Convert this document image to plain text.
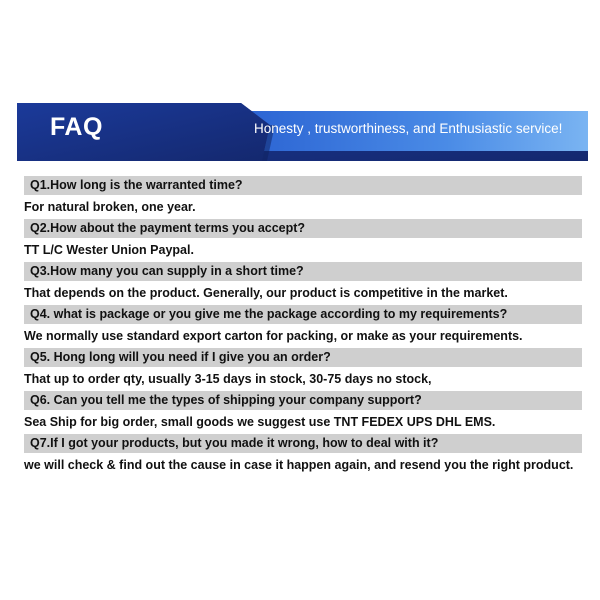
FAQ	Honesty , trustworthiness, and Enthusiastic service!
Q1.How long is the warranted time?
For natural broken, one year.
Q2.How about the payment terms you accept?
TT L/C Wester Union Paypal.
Q3.How many you can supply in a short time?
That depends on the product. Generally, our product is competitive in the market.
Q4. what is package or you give me the package according to my requirements?
We normally use standard export carton for packing, or make as your requirements.
Q5. Hong long will you need if I give you an order?
That up to order qty, usually 3-15 days in stock, 30-75 days no stock,
Q6. Can you tell me the types of shipping your company support?
Sea Ship for big order, small goods we suggest use TNT FEDEX UPS DHL EMS.
Q7.If I got your products, but you made it wrong, how to deal with it?
we will check & find out the cause in case it happen again, and resend you the right product.
